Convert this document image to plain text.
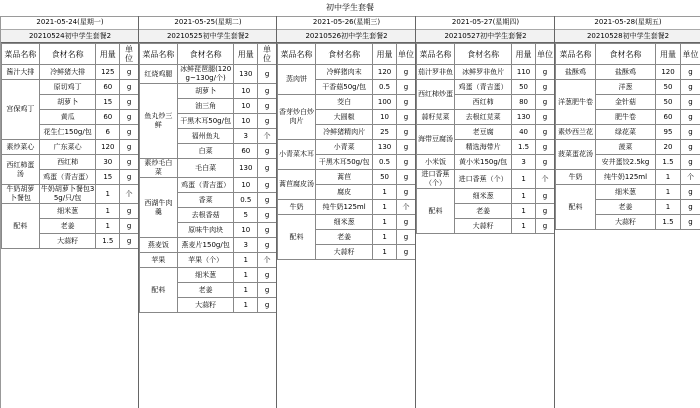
初中学生套餐
2021-05-24(星期一)
20210524初中学生套餐2
菜品名称	食材名称	用量	单位
酱汁大排	冷鲜猪大排	125	g
宫保鸡丁	原切鸡丁	60	g
	胡萝卜	15	g
	黄瓜	60	g
	花生仁150g/包	6	g
素炒菜心	广东菜心	120	g
西红柿蛋汤	西红柿	30	g
	鸡蛋（青吉蛋）	15	g
牛奶胡萝卜餐包	牛奶胡萝卜餐包35g/只/包	1	个
配料	细米葱	1	g
	老姜	1	g
	大蒜籽	1.5	g
2021-05-25(星期二)
20210525初中学生套餐2
菜品名称	食材名称	用量	单位
红烧鸡腿	冰鲜琵琶腿(120g~130g/个)	130	g
鱼丸炒三鲜	胡萝卜	10	g
	油三角	10	g
	干黑木耳50g/包	10	g
	福州鱼丸	3	个
	白菜	60	g
素炒毛白菜	毛白菜	130	g
西湖牛肉羹	鸡蛋（青吉蛋）	10	g
	香菜	0.5	g
	去根香菇	5	g
	原味牛肉块	10	g
燕麦饭	燕麦片150g/包	3	g
苹果	苹果（个）	1	个
配料	细米葱	1	g
	老姜	1	g
	大蒜籽	1	g
2021-05-26(星期三)
20210526初中学生套餐2
菜品名称	食材名称	用量	单位
蒸肉饼	冷鲜猪肉末	120	g
	干香菇50g/包	0.5	g
香芽炒白炒肉片	茭白	100	g
	大圆椒	10	g
	冷鲜猪精肉片	25	g
小青菜木耳	小青菜	130	g
	干黑木耳50g/包	0.5	g
蒿苣腐皮汤	蒿苣	50	g
	腐皮	1	g
牛奶	纯牛奶125ml	1	个
配料	细米葱	1	g
	老姜	1	g
	大蒜籽	1	g
2021-05-27(星期四)
20210527初中学生套餐2
菜品名称	食材名称	用量	单位
茄汁罗非鱼	冰鲜罗非鱼片	110	g
西红柿炒蛋	鸡蛋（青吉蛋）	50	g
	西红柿	80	g
蒜籽苋菜	去根红苋菜	130	g
海带豆腐汤	老豆腐	40	g
	精选海带片	1.5	g
小米饭	黄小米150g/包	3	g
进口香蕉（个）	进口香蕉（个）	1	个
配料	细米葱	1	g
	老姜	1	g
	大蒜籽	1	g
2021-05-28(星期五)
20210528初中学生套餐2
菜品名称	食材名称	用量	单位
盐酥鸡	盐酥鸡	120	g
洋葱肥牛卷	洋葱	50	g
	金针菇	50	g
	肥牛卷	60	g
素炒西兰花	绿花菜	95	g
菠菜蛋花汤	菠菜	20	g
	安井蛋饺2.5kg	1.5	g
牛奶	纯牛奶125ml	1	个
配料	细米葱	1	g
	老姜	1	g
	大蒜籽	1.5	g
